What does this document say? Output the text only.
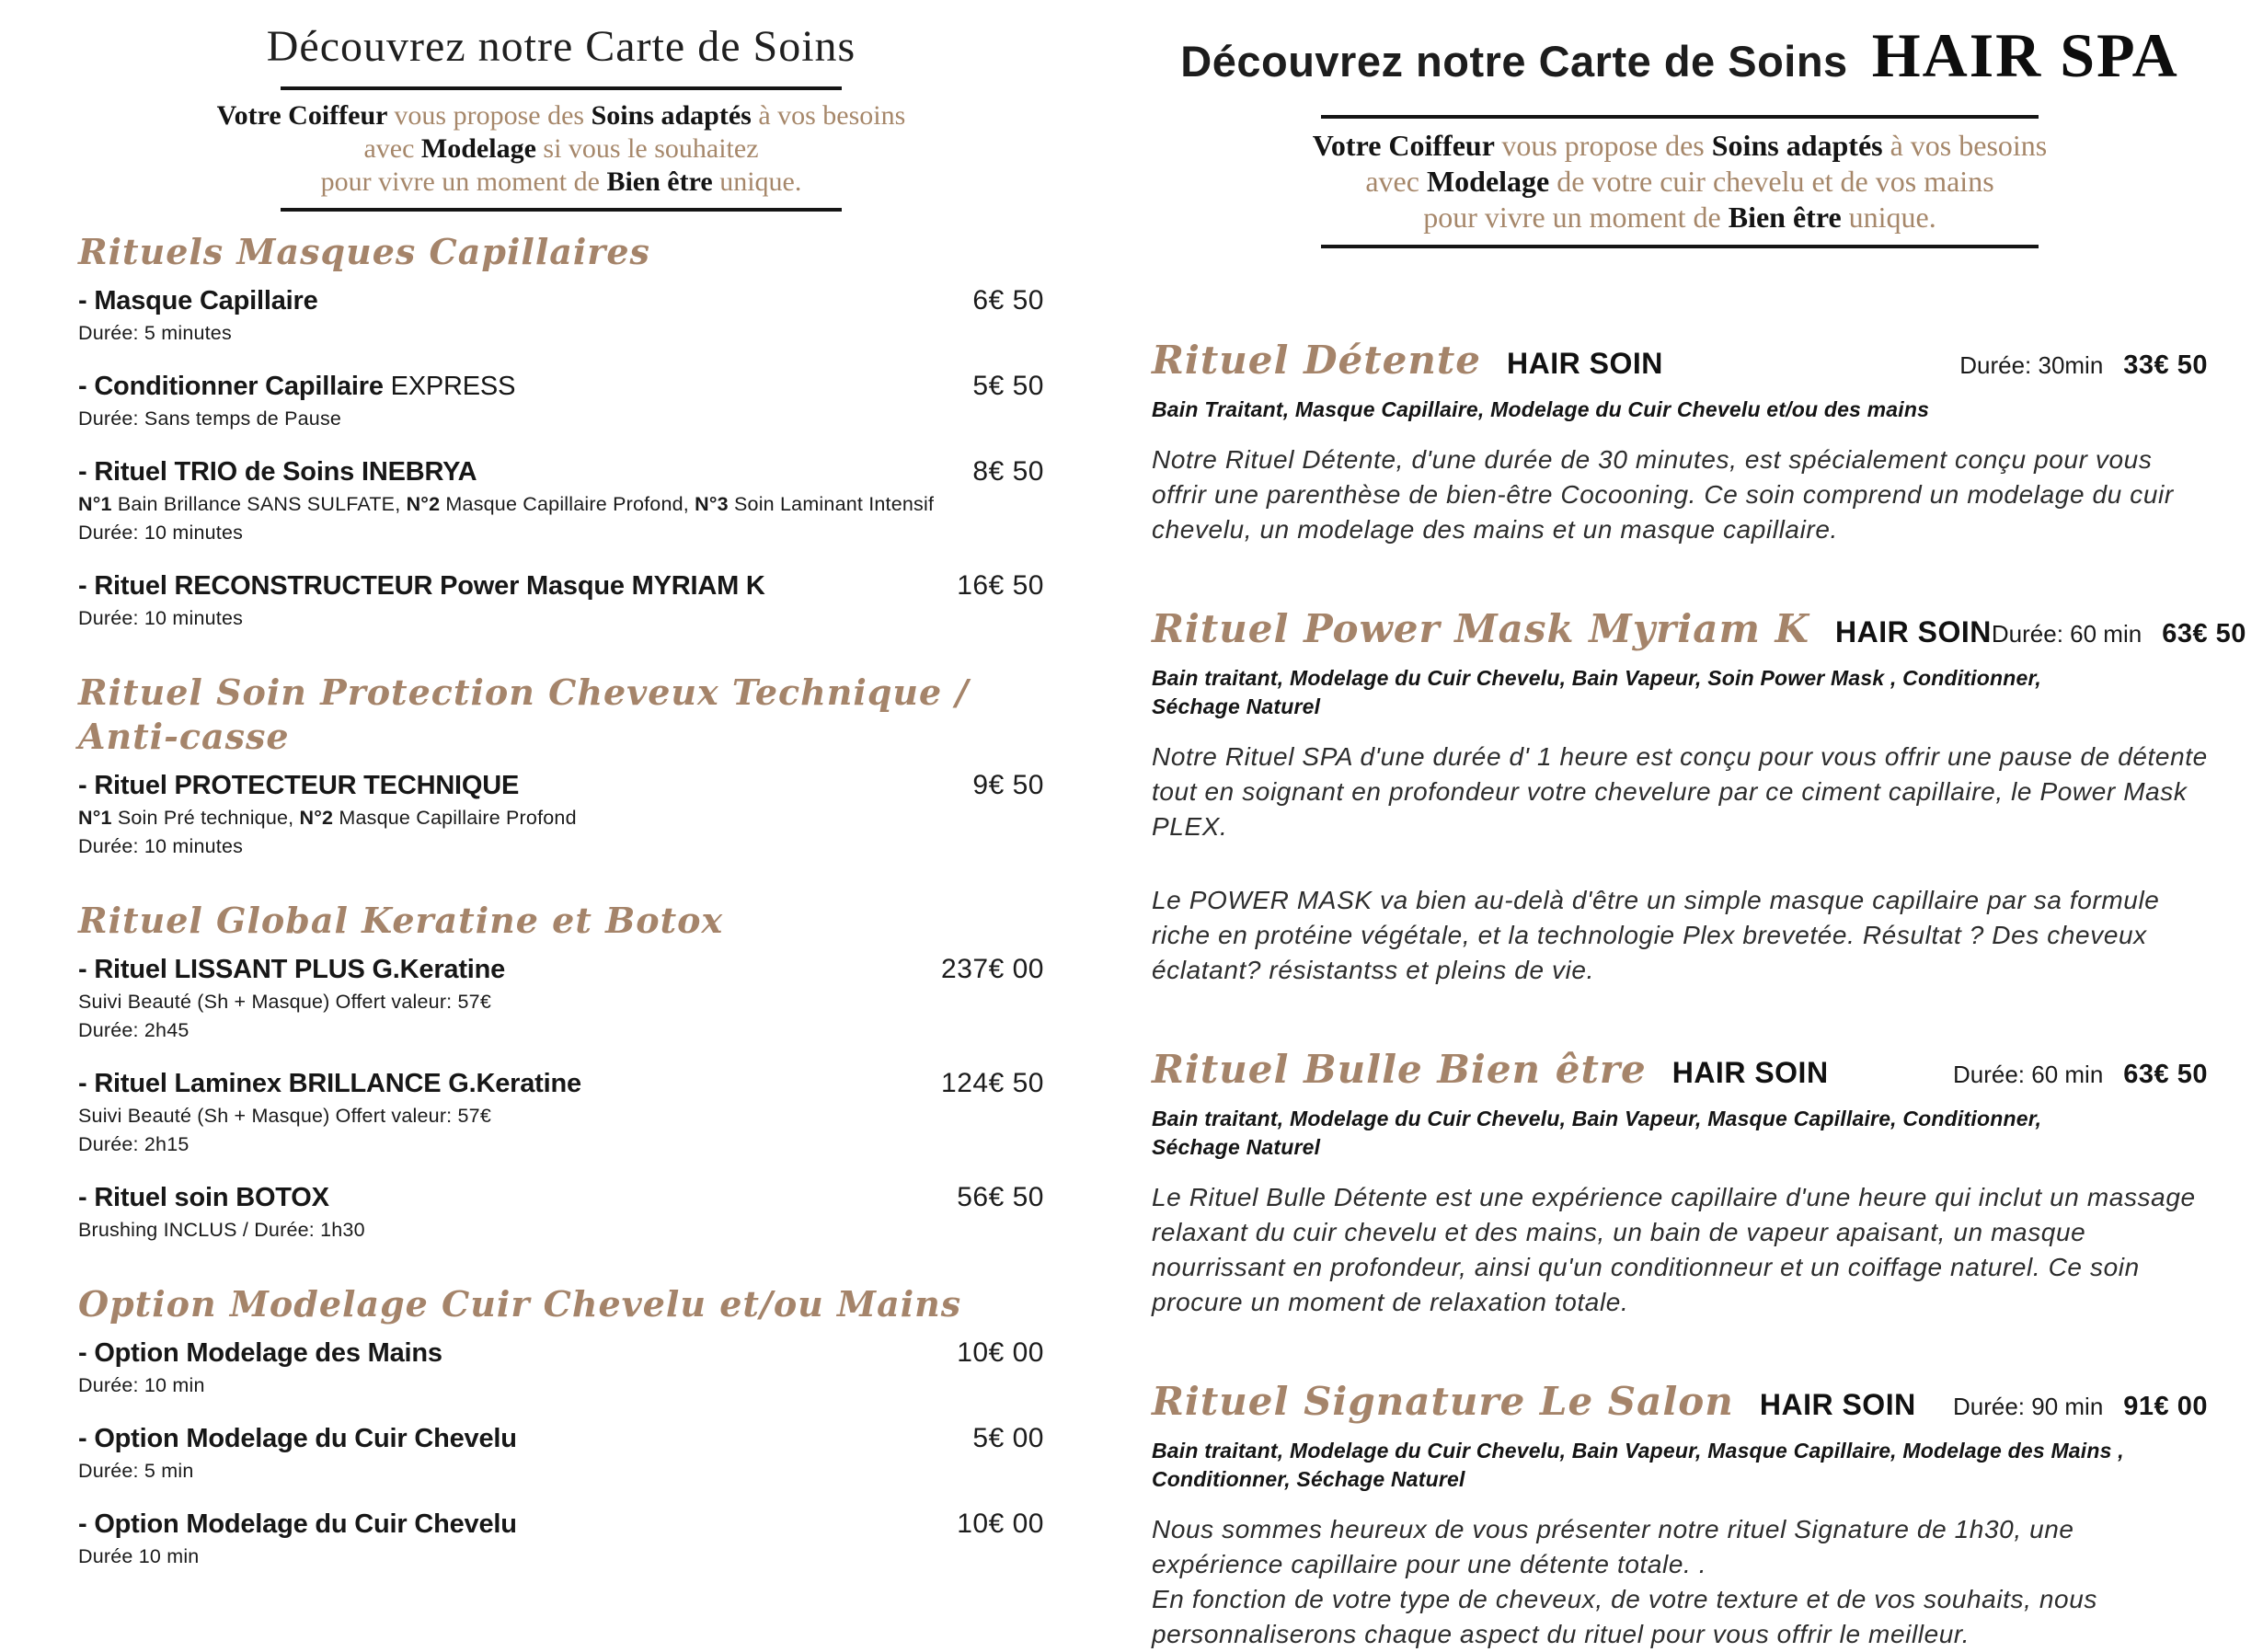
Découvrez notre Carte de Soins
Votre Coiffeur vous propose des Soins adaptés à vos besoins
avec Modelage si vous le souhaitez
pour vivre un moment de Bien être unique.
Rituels Masques Capillaires
- Masque Capillaire	6€ 50
Durée: 5 minutes
- Conditionner Capillaire EXPRESS	5€ 50
Durée: Sans temps de Pause
- Rituel TRIO de Soins INEBRYA	8€ 50
N°1 Bain Brillance SANS SULFATE, N°2 Masque Capillaire Profond, N°3 Soin Laminant Intensif
Durée: 10 minutes
- Rituel RECONSTRUCTEUR Power Masque MYRIAM K	16€ 50
Durée: 10 minutes
Rituel Soin Protection Cheveux Technique / Anti-casse
- Rituel PROTECTEUR TECHNIQUE	9€ 50
N°1 Soin Pré technique, N°2 Masque Capillaire Profond
Durée: 10 minutes
Rituel Global Keratine et Botox
- Rituel LISSANT PLUS G.Keratine	237€ 00
Suivi Beauté (Sh + Masque) Offert valeur: 57€
Durée: 2h45
- Rituel Laminex BRILLANCE G.Keratine	124€ 50
Suivi Beauté (Sh + Masque) Offert valeur: 57€
Durée: 2h15
- Rituel soin BOTOX	56€ 50
Brushing INCLUS / Durée: 1h30
Option Modelage Cuir Chevelu et/ou Mains
- Option Modelage des Mains	10€ 00
Durée: 10 min
- Option Modelage du Cuir Chevelu	5€ 00
Durée: 5 min
- Option Modelage du Cuir Chevelu	10€ 00
Durée 10 min
Découvrez notre Carte de Soins HAIR SPA
Votre Coiffeur vous propose des Soins adaptés à vos besoins
avec Modelage de votre cuir chevelu et de vos mains
pour vivre un moment de Bien être unique.
Rituel Détente HAIR SOIN	Durée: 30min 33€ 50
Bain Traitant, Masque Capillaire, Modelage du Cuir Chevelu et/ou des mains

Notre Rituel Détente, d'une durée de 30 minutes, est spécialement conçu pour vous offrir une parenthèse de bien-être Cocooning. Ce soin comprend un modelage du cuir chevelu, un modelage des mains et un masque capillaire.

Rituel Power Mask Myriam K HAIR SOIN Durée: 60 min 63€ 50
Bain traitant, Modelage du Cuir Chevelu, Bain Vapeur, Soin Power Mask , Conditionner,
Séchage Naturel

Notre Rituel SPA d'une durée d' 1 heure est conçu pour vous offrir une pause de détente tout en soignant en profondeur votre chevelure par ce ciment capillaire, le Power Mask PLEX.

Le POWER MASK va bien au-delà d'être un simple masque capillaire par sa formule riche en protéine végétale, et la technologie Plex brevetée. Résultat ? Des cheveux éclatant? résistantss et pleins de vie.

Rituel Bulle Bien être HAIR SOIN	Durée: 60 min 63€ 50
Bain traitant, Modelage du Cuir Chevelu, Bain Vapeur, Masque Capillaire, Conditionner,
Séchage Naturel

Le Rituel Bulle Détente est une expérience capillaire d'une heure qui inclut un massage relaxant du cuir chevelu et des mains, un bain de vapeur apaisant, un masque nourrissant en profondeur, ainsi qu'un conditionneur et un coiffage naturel. Ce soin procure un moment de relaxation totale.

Rituel Signature Le Salon HAIR SOIN Durée: 90 min 91€ 00
Bain traitant, Modelage du Cuir Chevelu, Bain Vapeur, Masque Capillaire, Modelage des Mains ,
Conditionner, Séchage Naturel

Nous sommes heureux de vous présenter notre rituel Signature de 1h30, une expérience capillaire pour une détente totale. .

En fonction de votre type de cheveux, de votre texture et de vos souhaits, nous personnaliserons chaque aspect du rituel pour vous offrir le meilleur.
